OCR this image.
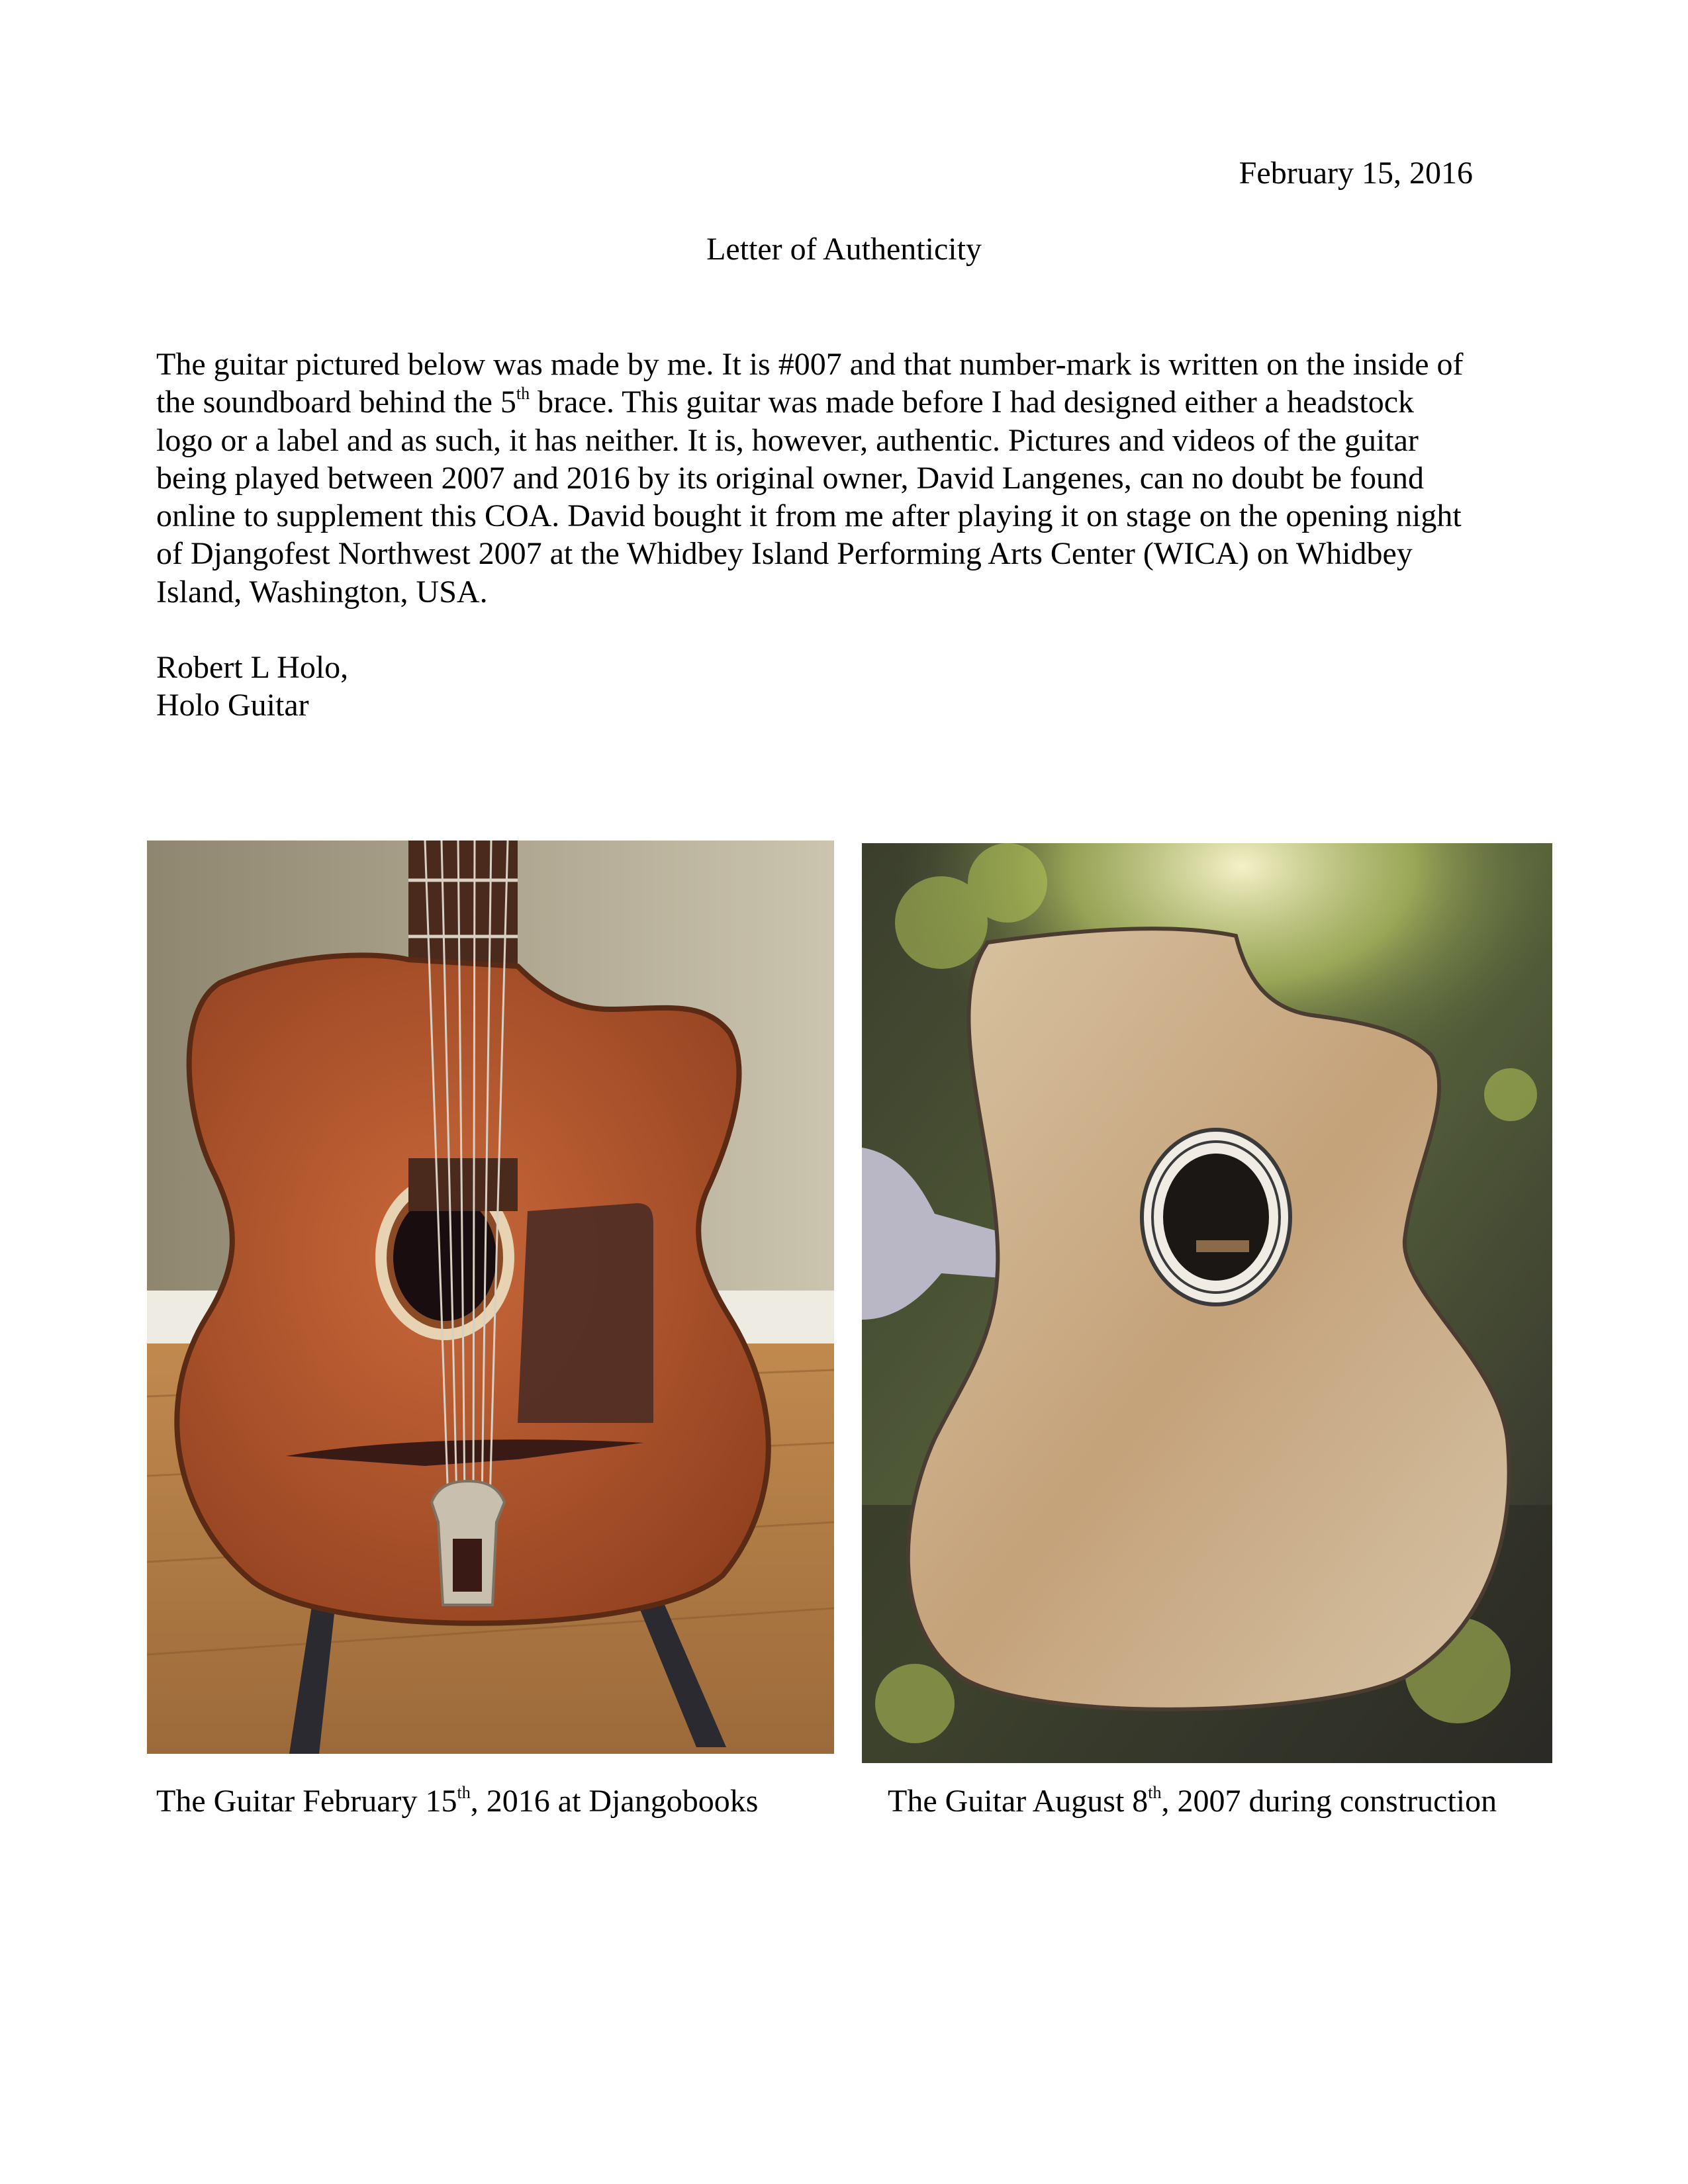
February 15, 2016
Letter of Authenticity

The guitar pictured below was made by me. It is #007 and that number-mark is written on the inside of
the soundboard behind the 5th brace. This guitar was made before I had designed either a headstock
logo or a label and as such, it has neither. It is, however, authentic. Pictures and videos of the guitar
being played between 2007 and 2016 by its original owner, David Langenes, can no doubt be found
online to supplement this COA. David bought it from me after playing it on stage on the opening night
of Djangofest Northwest 2007 at the Whidbey Island Performing Arts Center (WICA) on Whidbey
Island, Washington, USA.

Robert L Holo,
Holo Guitar
The Guitar February 15th, 2016 at Djangobooks	The Guitar August 8th, 2007 during construction
